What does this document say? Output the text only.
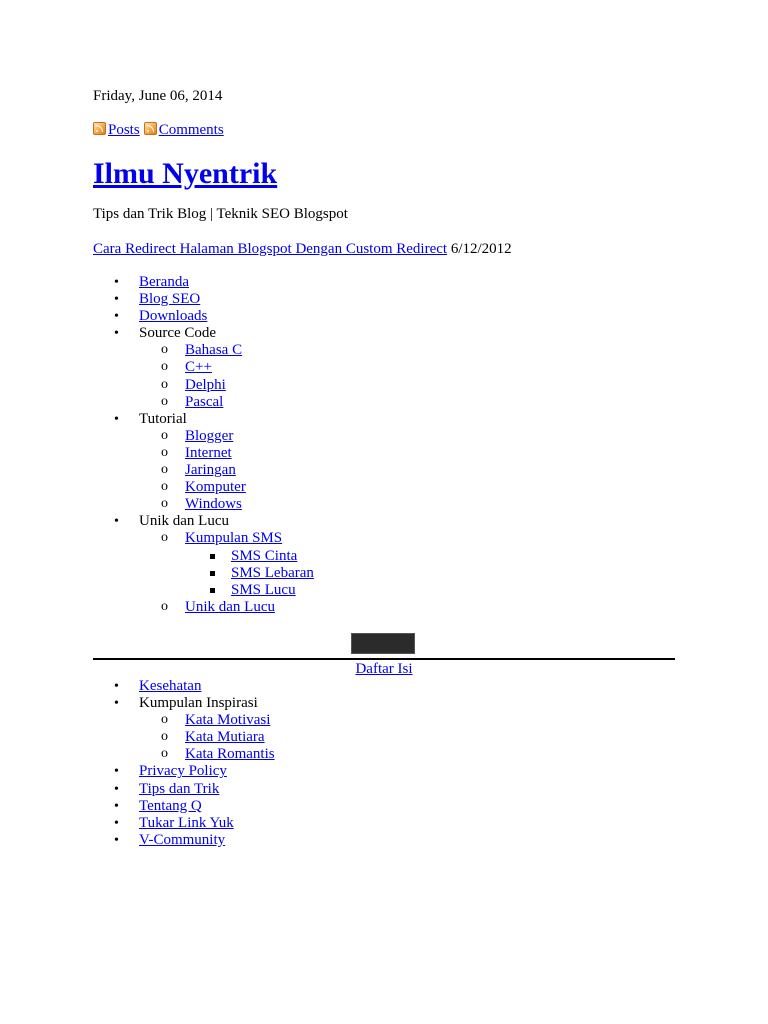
Friday, June 06, 2014
Posts Comments
Ilmu Nyentrik
Tips dan Trik Blog | Teknik SEO Blogspot
Cara Redirect Halaman Blogspot Dengan Custom Redirect 6/12/2012
• Beranda
• Blog SEO
• Downloads
• Source Code
o Bahasa C
o C++
o Delphi
o Pascal
• Tutorial
o Blogger
o Internet
o Jaringan
o Komputer
o Windows
• Unik dan Lucu
o Kumpulan SMS
SMS Cinta
SMS Lebaran
SMS Lucu
o Unik dan Lucu
Daftar Isi
• Kesehatan
• Kumpulan Inspirasi
o Kata Motivasi
o Kata Mutiara
o Kata Romantis
• Privacy Policy
• Tips dan Trik
• Tentang Q
• Tukar Link Yuk
• V-Community
